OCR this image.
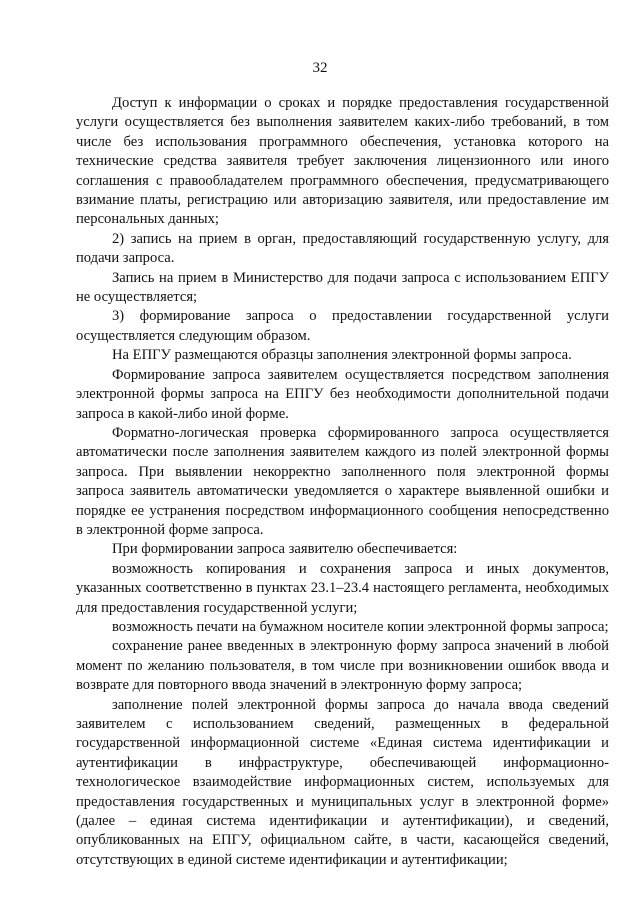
32

Доступ к информации о сроках и порядке предоставления государственной услуги осуществляется без выполнения заявителем каких-либо требований, в том числе без использования программного обеспечения, установка которого на технические средства заявителя требует заключения лицензионного или иного соглашения с правообладателем программного обеспечения, предусматривающего взимание платы, регистрацию или авторизацию заявителя, или предоставление им персональных данных;

2) запись на прием в орган, предоставляющий государственную услугу, для подачи запроса.

Запись на прием в Министерство для подачи запроса с использованием ЕПГУ не осуществляется;

3) формирование запроса о предоставлении государственной услуги осуществляется следующим образом.

На ЕПГУ размещаются образцы заполнения электронной формы запроса.

Формирование запроса заявителем осуществляется посредством заполнения электронной формы запроса на ЕПГУ без необходимости дополнительной подачи запроса в какой-либо иной форме.

Форматно-логическая проверка сформированного запроса осуществляется автоматически после заполнения заявителем каждого из полей электронной формы запроса. При выявлении некорректно заполненного поля электронной формы запроса заявитель автоматически уведомляется о характере выявленной ошибки и порядке ее устранения посредством информационного сообщения непосредственно в электронной форме запроса.

При формировании запроса заявителю обеспечивается:

возможность копирования и сохранения запроса и иных документов, указанных соответственно в пунктах 23.1–23.4 настоящего регламента, необходимых для предоставления государственной услуги;

возможность печати на бумажном носителе копии электронной формы запроса;

сохранение ранее введенных в электронную форму запроса значений в любой момент по желанию пользователя, в том числе при возникновении ошибок ввода и возврате для повторного ввода значений в электронную форму запроса;

заполнение полей электронной формы запроса до начала ввода сведений заявителем с использованием сведений, размещенных в федеральной государственной информационной системе «Единая система идентификации и аутентификации в инфраструктуре, обеспечивающей информационно-технологическое взаимодействие информационных систем, используемых для предоставления государственных и муниципальных услуг в электронной форме» (далее – единая система идентификации и аутентификации), и сведений, опубликованных на ЕПГУ, официальном сайте, в части, касающейся сведений, отсутствующих в единой системе идентификации и аутентификации;
